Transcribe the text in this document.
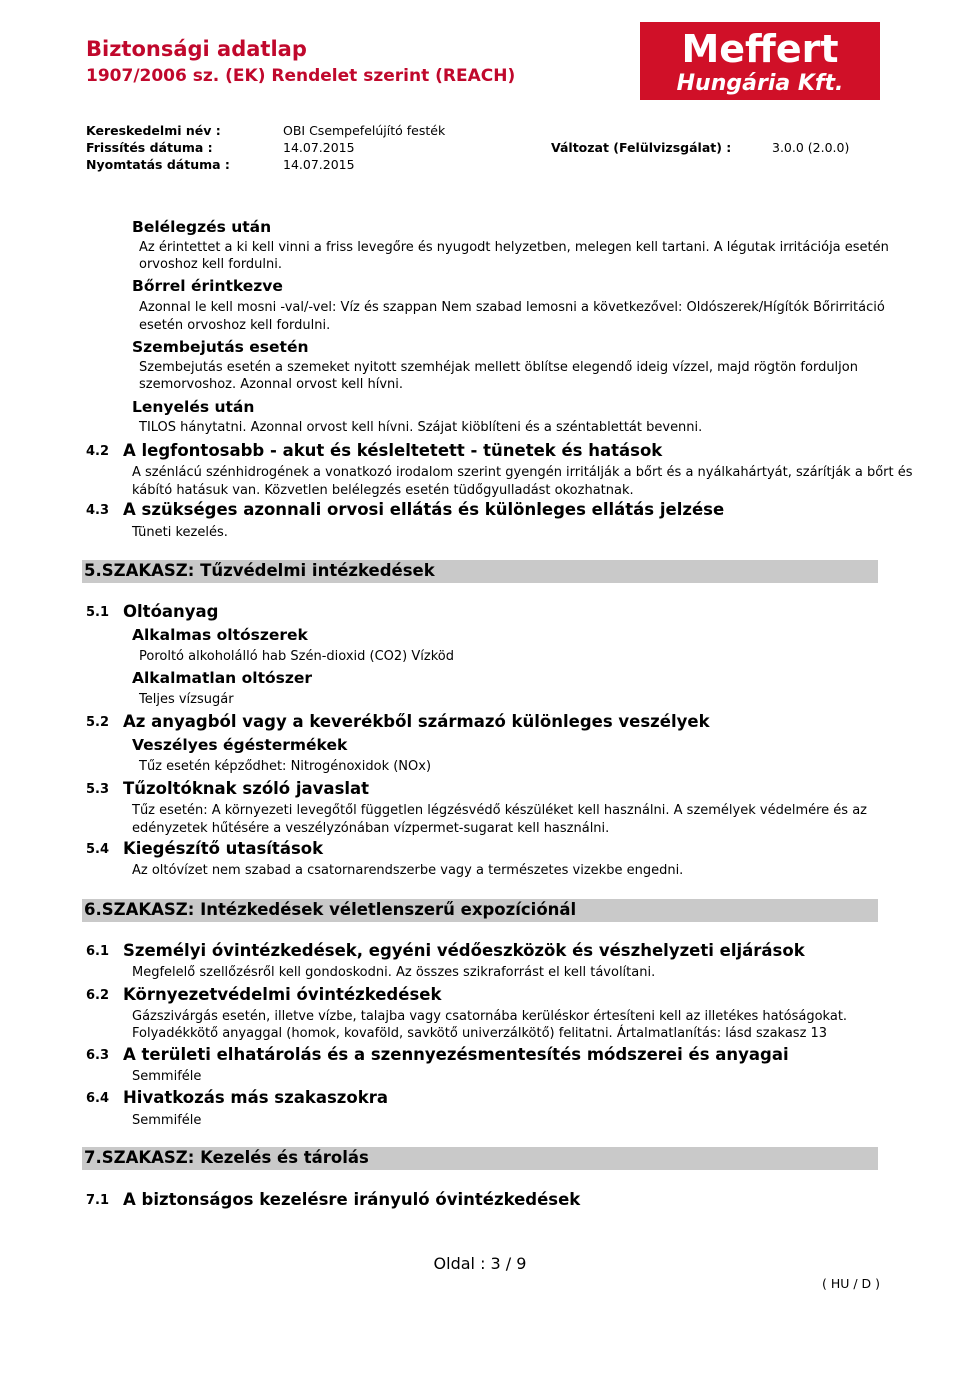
Biztonsági adatlap
1907/2006 sz. (EK) Rendelet szerint (REACH)
Meffert
Hungária Kft.
Kereskedelmi név :	OBI Csempefelújító festék
Frissítés dátuma :	14.07.2015	Változat (Felülvizsgálat) :	3.0.0 (2.0.0)
Nyomtatás dátuma :	14.07.2015
Belélegzés után
Az érintettet a ki kell vinni a friss levegőre és nyugodt helyzetben, melegen kell tartani. A légutak irritációja esetén
orvoshoz kell fordulni.
Bőrrel érintkezve
Azonnal le kell mosni -val/-vel: Víz és szappan Nem szabad lemosni a következővel: Oldószerek/Hígítók Bőrirritáció
esetén orvoshoz kell fordulni.
Szembejutás esetén
Szembejutás esetén a szemeket nyitott szemhéjak mellett öblítse elegendő ideig vízzel, majd rögtön forduljon
szemorvoshoz. Azonnal orvost kell hívni.
Lenyelés után
TILOS hánytatni. Azonnal orvost kell hívni. Szájat kiöblíteni és a széntablettát bevenni.
4.2 A legfontosabb - akut és késleltetett - tünetek és hatások
A szénlácú szénhidrogének a vonatkozó irodalom szerint gyengén irritálják a bőrt és a nyálkahártyát, szárítják a bőrt és
kábító hatásuk van. Közvetlen belélegzés esetén tüdőgyulladást okozhatnak.
4.3 A szükséges azonnali orvosi ellátás és különleges ellátás jelzése
Tüneti kezelés.
5.SZAKASZ: Tűzvédelmi intézkedések
5.1 Oltóanyag
Alkalmas oltószerek
Poroltó alkoholálló hab Szén-dioxid (CO2) Vízköd
Alkalmatlan oltószer
Teljes vízsugár
5.2 Az anyagból vagy a keverékből származó különleges veszélyek
Veszélyes égéstermékek
Tűz esetén képződhet: Nitrogénoxidok (NOx)
5.3 Tűzoltóknak szóló javaslat
Tűz esetén: A környezeti levegőtől független légzésvédő készüléket kell használni. A személyek védelmére és az
edényzetek hűtésére a veszélyzónában vízpermet-sugarat kell használni.
5.4 Kiegészítő utasítások
Az oltóvízet nem szabad a csatornarendszerbe vagy a természetes vizekbe engedni.
6.SZAKASZ: Intézkedések véletlenszerű expozíciónál
6.1 Személyi óvintézkedések, egyéni védőeszközök és vészhelyzeti eljárások
Megfelelő szellőzésről kell gondoskodni. Az összes szikraforrást el kell távolítani.
6.2 Környezetvédelmi óvintézkedések
Gázszivárgás esetén, illetve vízbe, talajba vagy csatornába kerüléskor értesíteni kell az illetékes hatóságokat.
Folyadékkötő anyaggal (homok, kovaföld, savkötő univerzálkötő) felitatni. Ártalmatlanítás: lásd szakasz 13
6.3 A területi elhatárolás és a szennyezésmentesítés módszerei és anyagai
Semmiféle
6.4 Hivatkozás más szakaszokra
Semmiféle
7.SZAKASZ: Kezelés és tárolás
7.1 A biztonságos kezelésre irányuló óvintézkedések
Oldal : 3 / 9
( HU / D )
